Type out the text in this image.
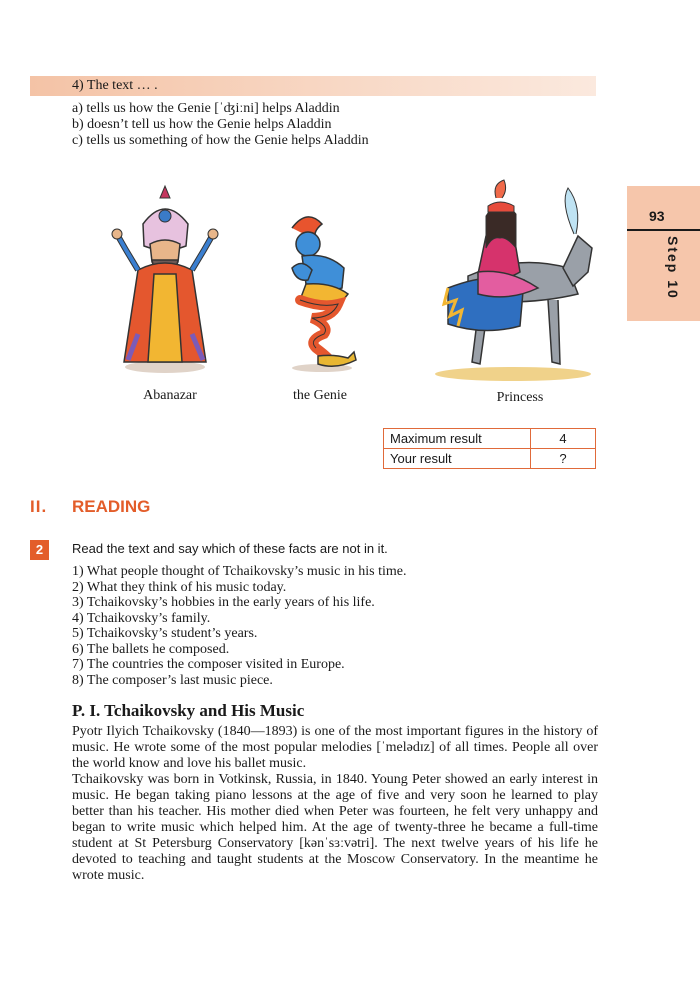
4) The text … .
a) tells us how the Genie [ˈʤiːni] helps Aladdin
b) doesn’t tell us how the Genie helps Aladdin
c) tells us something of how the Genie helps Aladdin
93
Step 10
Abanazar	the Genie	Princess
Maximum result	4
Your result	?
II. READING
2	Read the text and say which of these facts are not in it.
1) What people thought of Tchaikovsky’s music in his time.
2) What they think of his music today.
3) Tchaikovsky’s hobbies in the early years of his life.
4) Tchaikovsky’s family.
5) Tchaikovsky’s student’s years.
6) The ballets he composed.
7) The countries the composer visited in Europe.
8) The composer’s last music piece.
P. I. Tchaikovsky and His Music

Pyotr Ilyich Tchaikovsky (1840—1893) is one of the most important figures in the history of music. He wrote some of the most popular melodies [ˈmelədɪz] of all times. People all over the world know and love his ballet music.

Tchaikovsky was born in Votkinsk, Russia, in 1840. Young Peter showed an early interest in music. He began taking piano lessons at the age of five and very soon he learned to play better than his teacher. His mother died when Peter was fourteen, he felt very unhappy and began to write music which helped him. At the age of twenty-three he became a full-time student at St Petersburg Conservatory [kənˈsɜːvətri]. The next twelve years of his life he devoted to teaching and taught students at the Moscow Conservatory. In the meantime he wrote music.
